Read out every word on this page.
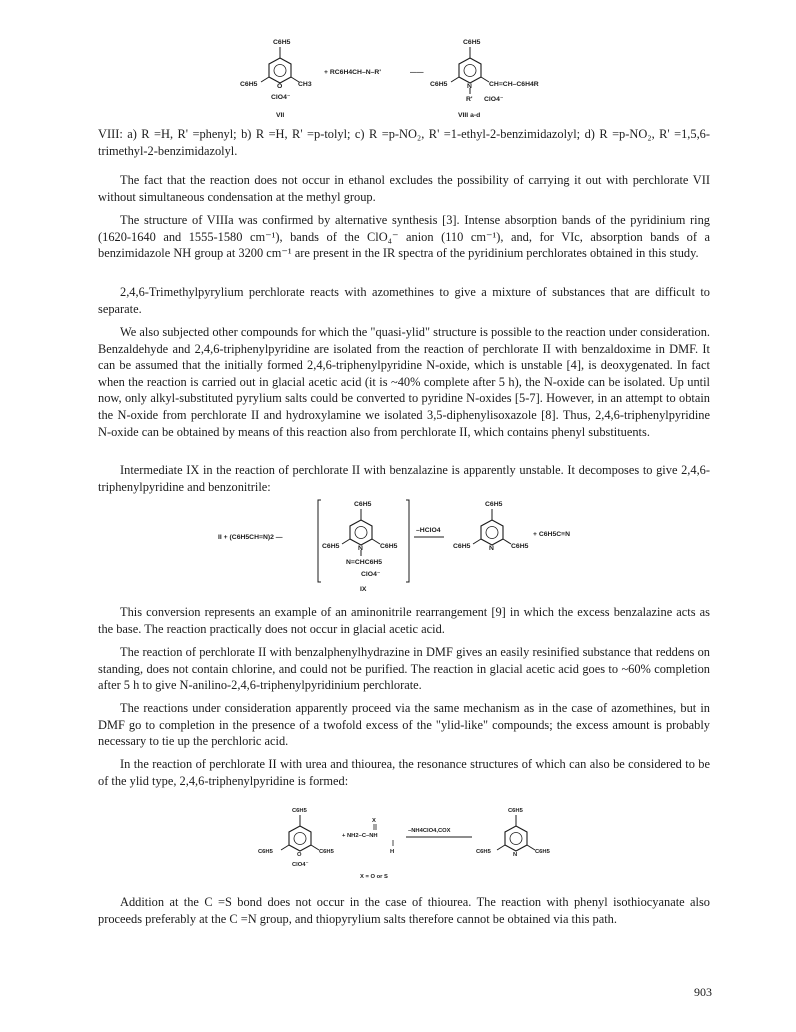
C6H5
C6H5	O CH3
ClO4⁻
VII
+ RC6H4CH–N–R'	——
C6H5
C6H5	N	CH=CH–C6H4R
R' ClO4⁻
VIII a-d

VIII: a) R =H, R' =phenyl; b) R =H, R' =p-tolyl; c) R =p-NO₂, R' =1-ethyl-2-benzimidazolyl; d) R =p-NO₂, R' =1,5,6-trimethyl-2-benzimidazolyl.

The fact that the reaction does not occur in ethanol excludes the possibility of carrying it out with perchlorate VII without simultaneous condensation at the methyl group.

The structure of VIIIa was confirmed by alternative synthesis [3]. Intense absorption bands of the pyridinium ring (1620-1640 and 1555-1580 cm⁻¹), bands of the ClO₄⁻ anion (110 cm⁻¹), and, for VIc, absorption bands of a benzimidazole NH group at 3200 cm⁻¹ are present in the IR spectra of the pyridinium perchlorates obtained in this study.

2,4,6-Trimethylpyrylium perchlorate reacts with azomethines to give a mixture of substances that are difficult to separate.

We also subjected other compounds for which the "quasi-ylid" structure is possible to the reaction under consideration. Benzaldehyde and 2,4,6-triphenylpyridine are isolated from the reaction of perchlorate II with benzaldoxime in DMF. It can be assumed that the initially formed 2,4,6-triphenylpyridine N-oxide, which is unstable [4], is deoxygenated. In fact when the reaction is carried out in glacial acetic acid (it is ~40% complete after 5 h), the N-oxide can be isolated. Up until now, only alkyl-substituted pyrylium salts could be converted to pyridine N-oxides [5-7]. However, in an attempt to obtain the N-oxide from perchlorate II and hydroxylamine we isolated 3,5-diphenylisoxazole [8]. Thus, 2,4,6-triphenylpyridine N-oxide can be obtained by means of this reaction also from perchlorate II, which contains phenyl substituents.

Intermediate IX in the reaction of perchlorate II with benzalazine is apparently unstable. It decomposes to give 2,4,6-triphenylpyridine and benzonitrile:

II + (C6H5CH=N)2 —
C6H5
C6H5	N	C6H5
N=CHC6H5
ClO4⁻
IX
–HClO4
C6H5
C6H5	N	C6H5
+ C6H5C≡N

This conversion represents an example of an aminonitrile rearrangement [9] in which the excess benzalazine acts as the base. The reaction practically does not occur in glacial acetic acid.

The reaction of perchlorate II with benzalphenylhydrazine in DMF gives an easily resinified substance that reddens on standing, does not contain chlorine, and could not be purified. The reaction in glacial acetic acid goes to ~60% completion after 5 h to give N-anilino-2,4,6-triphenylpyridinium perchlorate.

The reactions under consideration apparently proceed via the same mechanism as in the case of azomethines, but in DMF go to completion in the presence of a twofold excess of the "ylid-like" compounds; the excess amount is probably necessary to tie up the perchloric acid.

In the reaction of perchlorate II with urea and thiourea, the resonance structures of which can also be considered to be of the ylid type, 2,4,6-triphenylpyridine is formed:

C6H5
C6H5	O	C6H5
ClO4⁻
+ NH2–C–NH
X
H
–NH4ClO4,COX
C6H5
C6H5	N	C6H5
X = O or S

Addition at the C =S bond does not occur in the case of thiourea. The reaction with phenyl isothiocyanate also proceeds preferably at the C =N group, and thiopyrylium salts therefore cannot be obtained via this path.

903
